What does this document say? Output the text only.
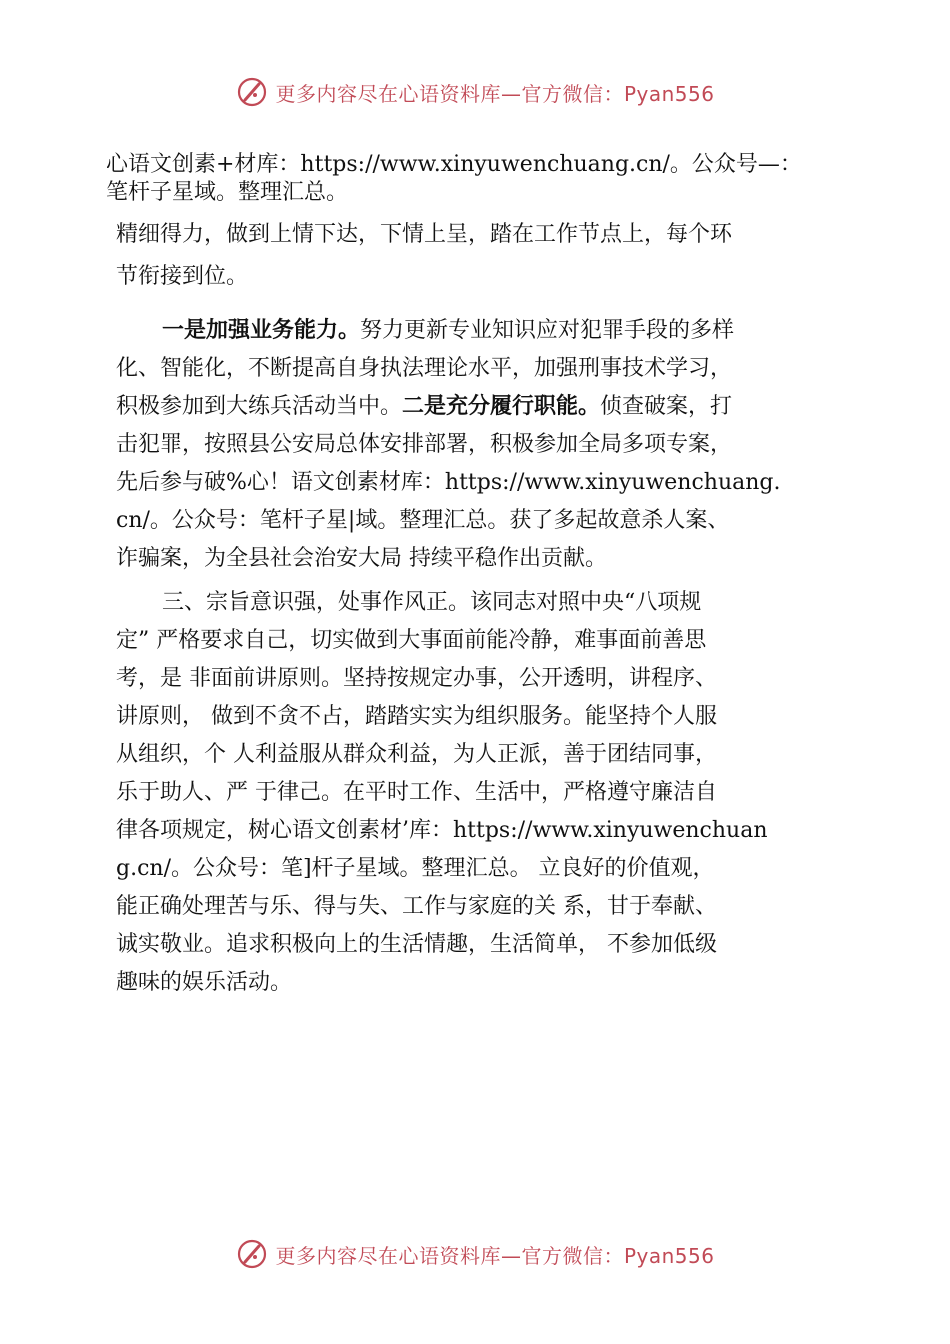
更多内容尽在心语资料库—官方微信：Pyan556
心语文创素+材库：https://www.xinyuwenchuang.cn/。公众号—：
笔杆子星域。整理汇总。
精细得力，做到上情下达，下情上呈，踏在工作节点上，每个环
节衔接到位。
一是加强业务能力。努力更新专业知识应对犯罪手段的多样
化、智能化，不断提高自身执法理论水平，加强刑事技术学习，
积极参加到大练兵活动当中。二是充分履行职能。侦查破案，打
击犯罪，按照县公安局总体安排部署，积极参加全局多项专案，
先后参与破%心！语文创素材库：https://www.xinyuwenchuang.
cn/。公众号：笔杆子星|域。整理汇总。获了多起故意杀人案、
诈骗案，为全县社会治安大局 持续平稳作出贡献。
三、宗旨意识强，处事作风正。该同志对照中央“八项规
定” 严格要求自己，切实做到大事面前能冷静，难事面前善思
考，是 非面前讲原则。坚持按规定办事，公开透明，讲程序、
讲原则， 做到不贪不占，踏踏实实为组织服务。能坚持个人服
从组织，个 人利益服从群众利益，为人正派，善于团结同事，
乐于助人、严 于律己。在平时工作、生活中，严格遵守廉洁自
律各项规定，树心语文创素材’库：https://www.xinyuwenchuan
g.cn/。公众号：笔]杆子星域。整理汇总。 立良好的价值观，
能正确处理苦与乐、得与失、工作与家庭的关 系，甘于奉献、
诚实敬业。追求积极向上的生活情趣，生活简单， 不参加低级
趣味的娱乐活动。
更多内容尽在心语资料库—官方微信：Pyan556
